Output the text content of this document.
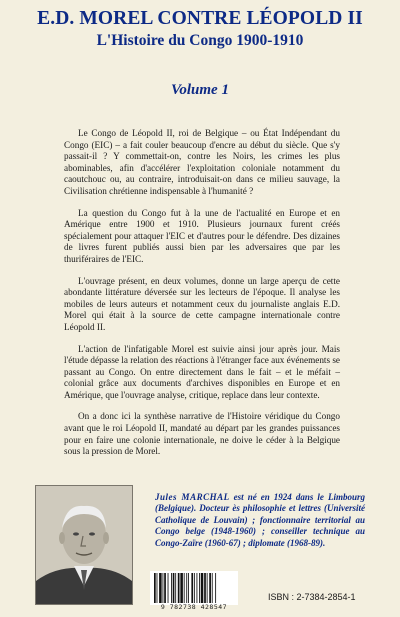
E.D. MOREL CONTRE LÉOPOLD II
L'Histoire du Congo 1900-1910
Volume 1

Le Congo de Léopold II, roi de Belgique – ou État Indépendant du Congo (EIC) – a fait couler beaucoup d'encre au début du siècle. Que s'y passait-il ? Y commettait-on, contre les Noirs, les crimes les plus abominables, afin d'accélérer l'exploitation coloniale notamment du caoutchouc ou, au contraire, introduisait-on dans ce milieu sauvage, la Civilisation chrétienne indispensable à l'humanité ?

La question du Congo fut à la une de l'actualité en Europe et en Amérique entre 1900 et 1910. Plusieurs journaux furent créés spécialement pour attaquer l'EIC et d'autres pour le défendre. Des dizaines de livres furent publiés aussi bien par les adversaires que par les thuriféraires de l'EIC.

L'ouvrage présent, en deux volumes, donne un large aperçu de cette abondante littérature déversée sur les lecteurs de l'époque. Il analyse les mobiles de leurs auteurs et notamment ceux du journaliste anglais E.D. Morel qui était à la source de cette campagne internationale contre Léopold II.

L'action de l'infatigable Morel est suivie ainsi jour après jour. Mais l'étude dépasse la relation des réactions à l'étranger face aux événements se passant au Congo. On entre directement dans le fait – et le méfait – colonial grâce aux documents d'archives disponibles en Europe et en Amérique, que l'ouvrage analyse, critique, replace dans leur contexte.

On a donc ici la synthèse narrative de l'Histoire véridique du Congo avant que le roi Léopold II, mandaté au départ par les grandes puissances pour en faire une colonie internationale, ne doive le céder à la Belgique sous la pression de Morel.

Jules MARCHAL est né en 1924 dans le Limbourg (Belgique). Docteur ès philosophie et lettres (Université Catholique de Louvain) ; fonctionnaire territorial au Congo belge (1948-1960) ; conseiller technique au Congo-Zaïre (1960-67) ; diplomate (1968-89).
9 782738 428547
ISBN : 2-7384-2854-1
